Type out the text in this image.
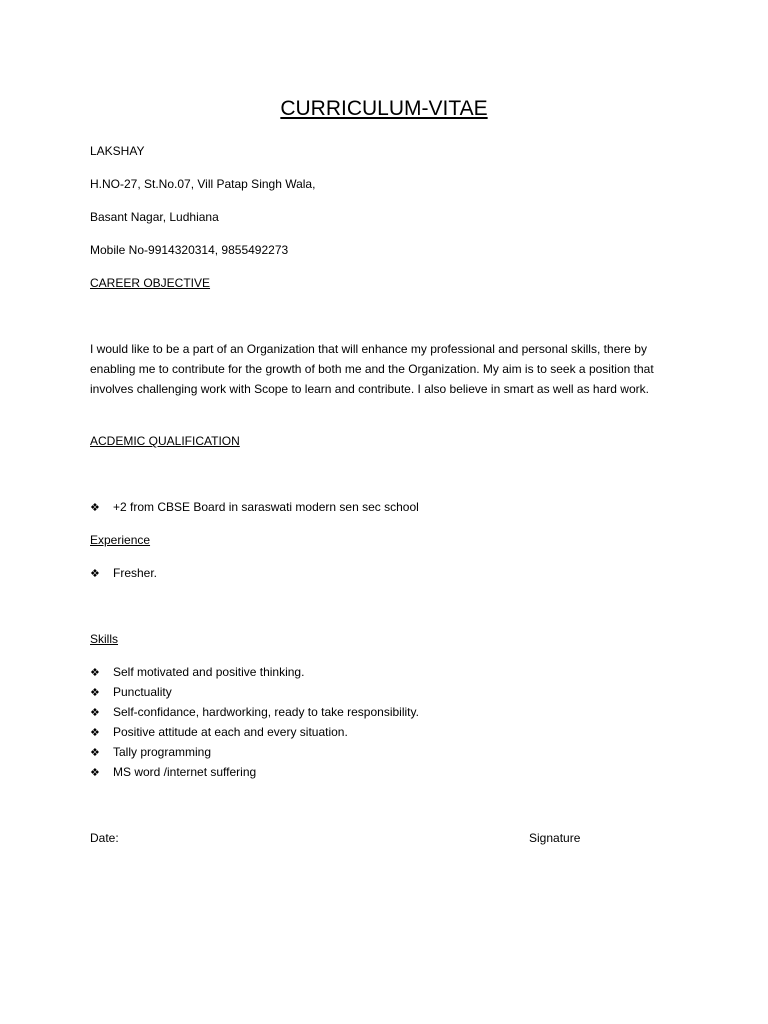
CURRICULUM-VITAE
LAKSHAY
H.NO-27, St.No.07, Vill Patap Singh Wala,
Basant Nagar, Ludhiana
Mobile No-9914320314, 9855492273
CAREER OBJECTIVE
I would like to be a part of an Organization that will enhance my professional and personal skills, there by enabling me to contribute for the growth of both me and the Organization. My aim is to seek a position that involves challenging work with Scope to learn and contribute. I also believe in smart as well as hard work.
ACDEMIC QUALIFICATION
❖ +2 from CBSE Board in saraswati modern sen sec school
Experience
❖ Fresher.
Skills
❖ Self motivated and positive thinking.
❖ Punctuality
❖ Self-confidance, hardworking, ready to take responsibility.
❖ Positive attitude at each and every situation.
❖ Tally programming
❖ MS word /internet suffering
Date:	Signature
